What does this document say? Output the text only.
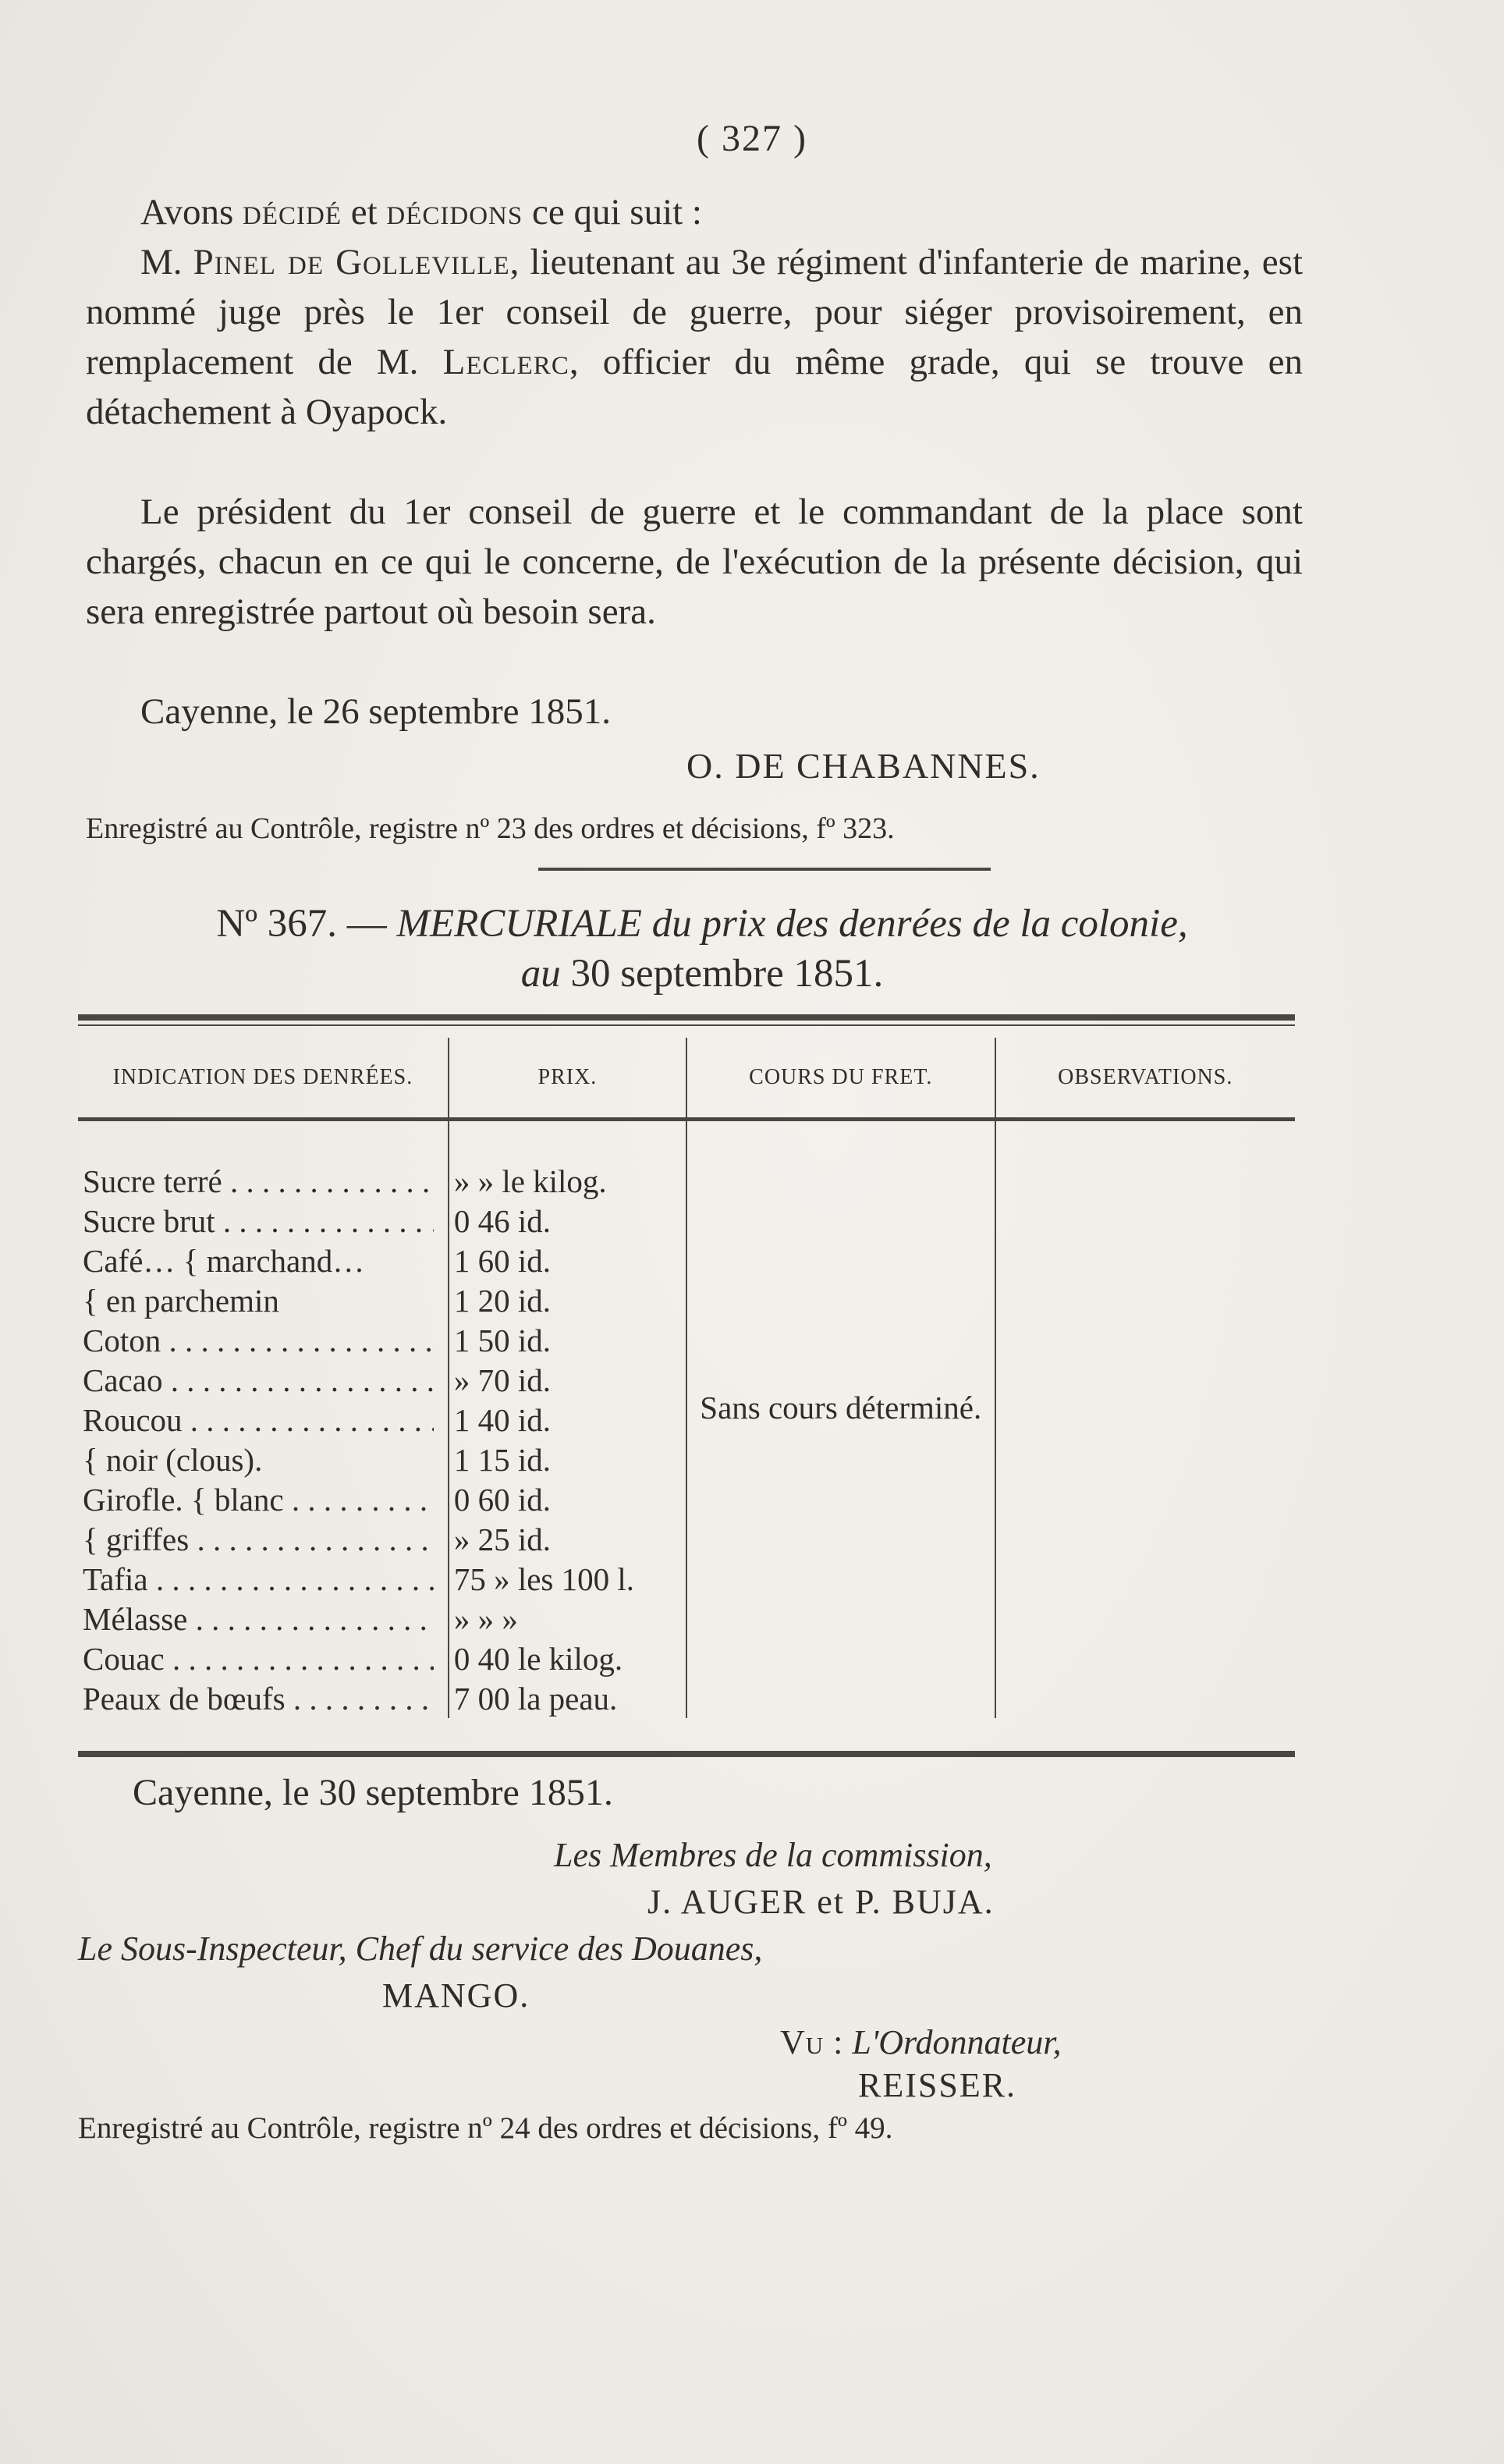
( 327 )
Avons décidé et décidons ce qui suit :
M. Pinel de Golleville, lieutenant au 3e régiment d'infanterie de marine, est nommé juge près le 1er conseil de guerre, pour siéger provisoirement, en remplacement de M. Leclerc, officier du même grade, qui se trouve en détachement à Oyapock.
Le président du 1er conseil de guerre et le commandant de la place sont chargés, chacun en ce qui le concerne, de l'exécution de la présente décision, qui sera enregistrée partout où besoin sera.
Cayenne, le 26 septembre 1851.
O. DE CHABANNES.
Enregistré au Contrôle, registre nº 23 des ordres et décisions, fº 323.
Nº 367. — MERCURIALE du prix des denrées de la colonie,
au 30 septembre 1851.
INDICATION DES DENRÉES.	PRIX.	COURS DU FRET.	OBSERVATIONS.

Sucre terré . . .	» » le kilog.	Sans cours déterminé.	

Sucre brut . . .	0 46 id.		

Café… { marchand…	1 60 id.		

{ en parchemin	1 20 id.		

Coton . . .	1 50 id.		

Cacao . . .	» 70 id.		

Roucou . . .	1 40 id.		

{ noir (clous).	1 15 id.		

Girofle. { blanc . . .	0 60 id.		

{ griffes . . .	» 25 id.		

Tafia . . .	75 » les 100 l.		

Mélasse . . .	» » »		

Couac . . .	0 40 le kilog.		

Peaux de bœufs . . .	7 00 la peau.		
Cayenne, le 30 septembre 1851.
Les Membres de la commission,
J. AUGER et P. BUJA.
Le Sous-Inspecteur, Chef du service des Douanes,
MANGO.
Vu : L'Ordonnateur,
REISSER.
Enregistré au Contrôle, registre nº 24 des ordres et décisions, fº 49.
